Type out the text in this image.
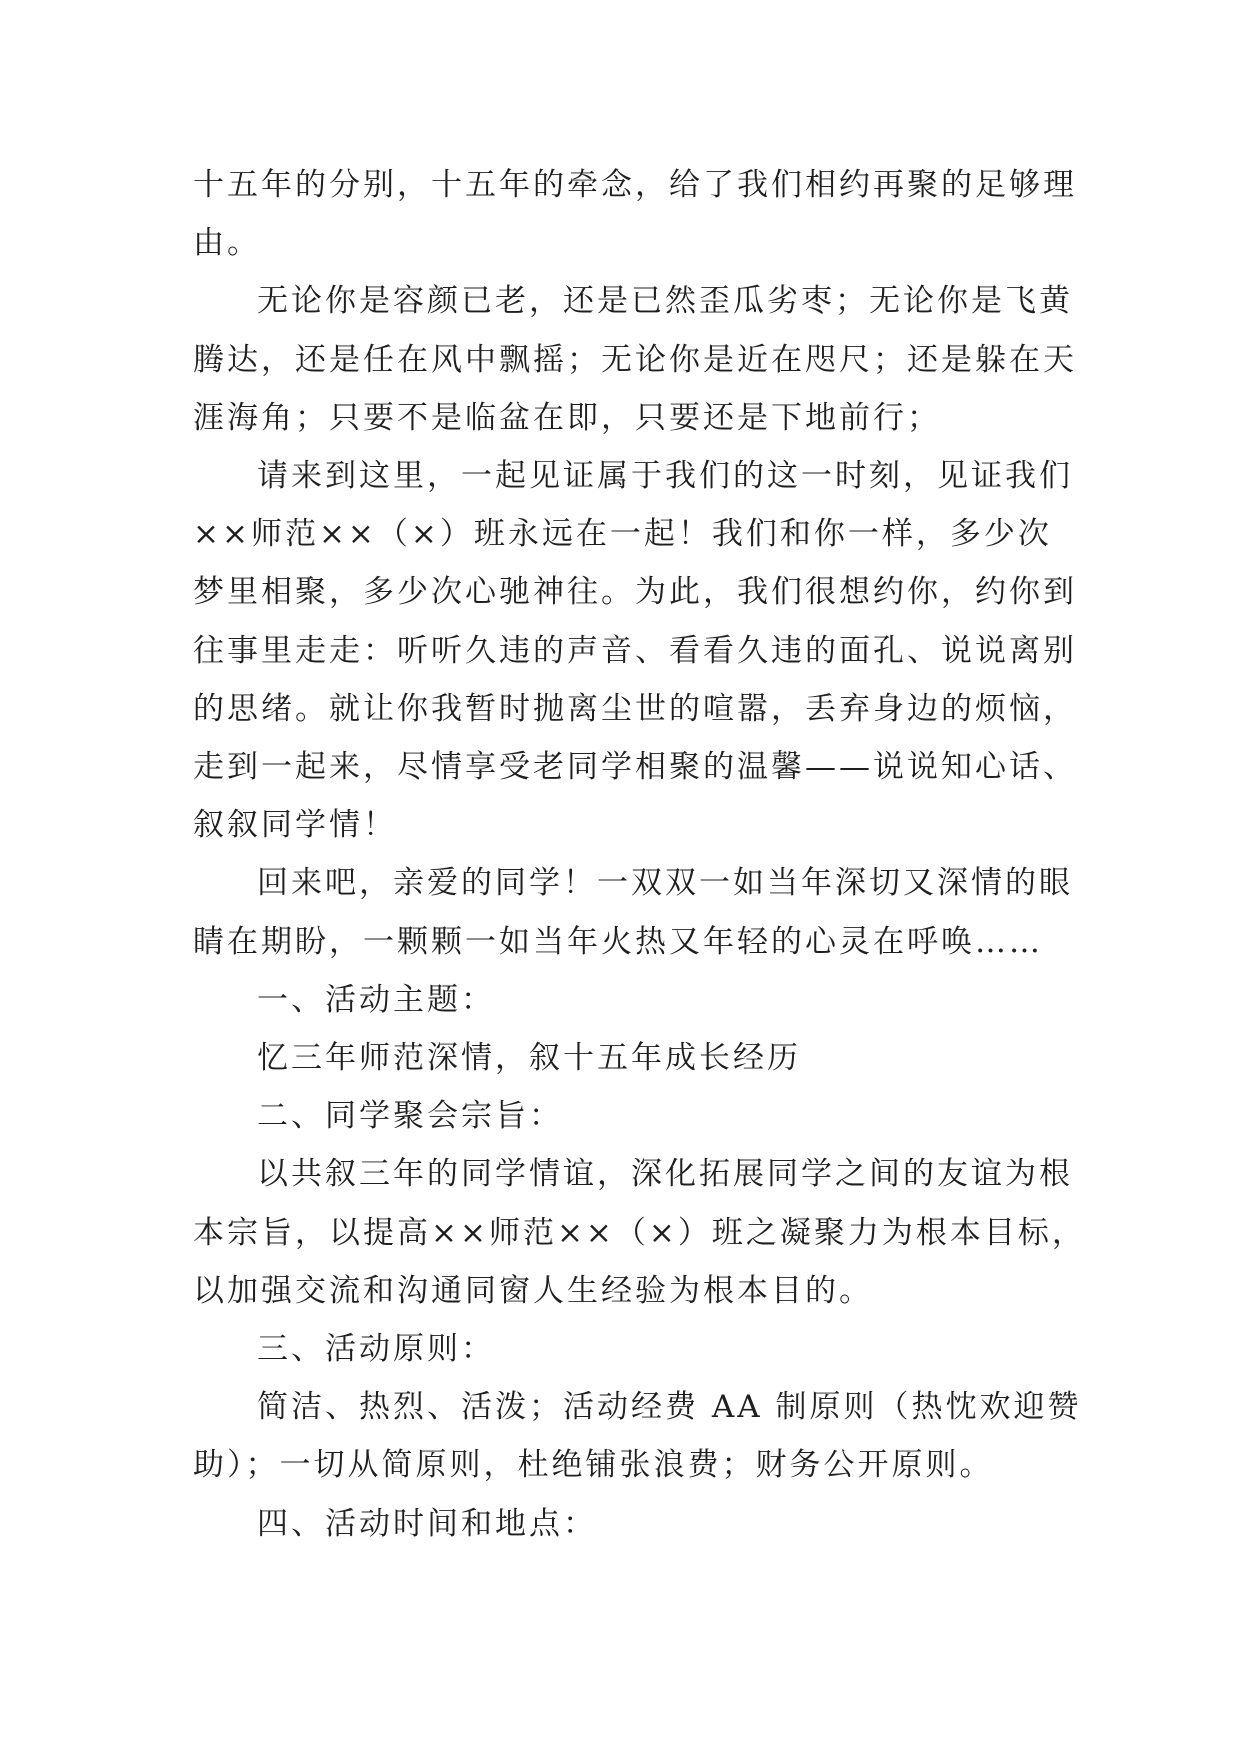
十五年的分别，十五年的牵念，给了我们相约再聚的足够理
由。

无论你是容颜已老，还是已然歪瓜劣枣；无论你是飞黄
腾达，还是任在风中飘摇；无论你是近在咫尺；还是躲在天
涯海角；只要不是临盆在即，只要还是下地前行；

请来到这里，一起见证属于我们的这一时刻，见证我们
××师范××（×）班永远在一起！我们和你一样，多少次
梦里相聚，多少次心驰神往。为此，我们很想约你，约你到
往事里走走：听听久违的声音、看看久违的面孔、说说离别
的思绪。就让你我暂时抛离尘世的喧嚣，丢弃身边的烦恼，
走到一起来，尽情享受老同学相聚的温馨——说说知心话、
叙叙同学情！

回来吧，亲爱的同学！一双双一如当年深切又深情的眼
睛在期盼，一颗颗一如当年火热又年轻的心灵在呼唤……

一、活动主题：

忆三年师范深情，叙十五年成长经历

二、同学聚会宗旨：

以共叙三年的同学情谊，深化拓展同学之间的友谊为根
本宗旨，以提高××师范××（×）班之凝聚力为根本目标，
以加强交流和沟通同窗人生经验为根本目的。

三、活动原则：

简洁、热烈、活泼；活动经费 AA 制原则（热忱欢迎赞
助）；一切从简原则，杜绝铺张浪费；财务公开原则。

四、活动时间和地点：
